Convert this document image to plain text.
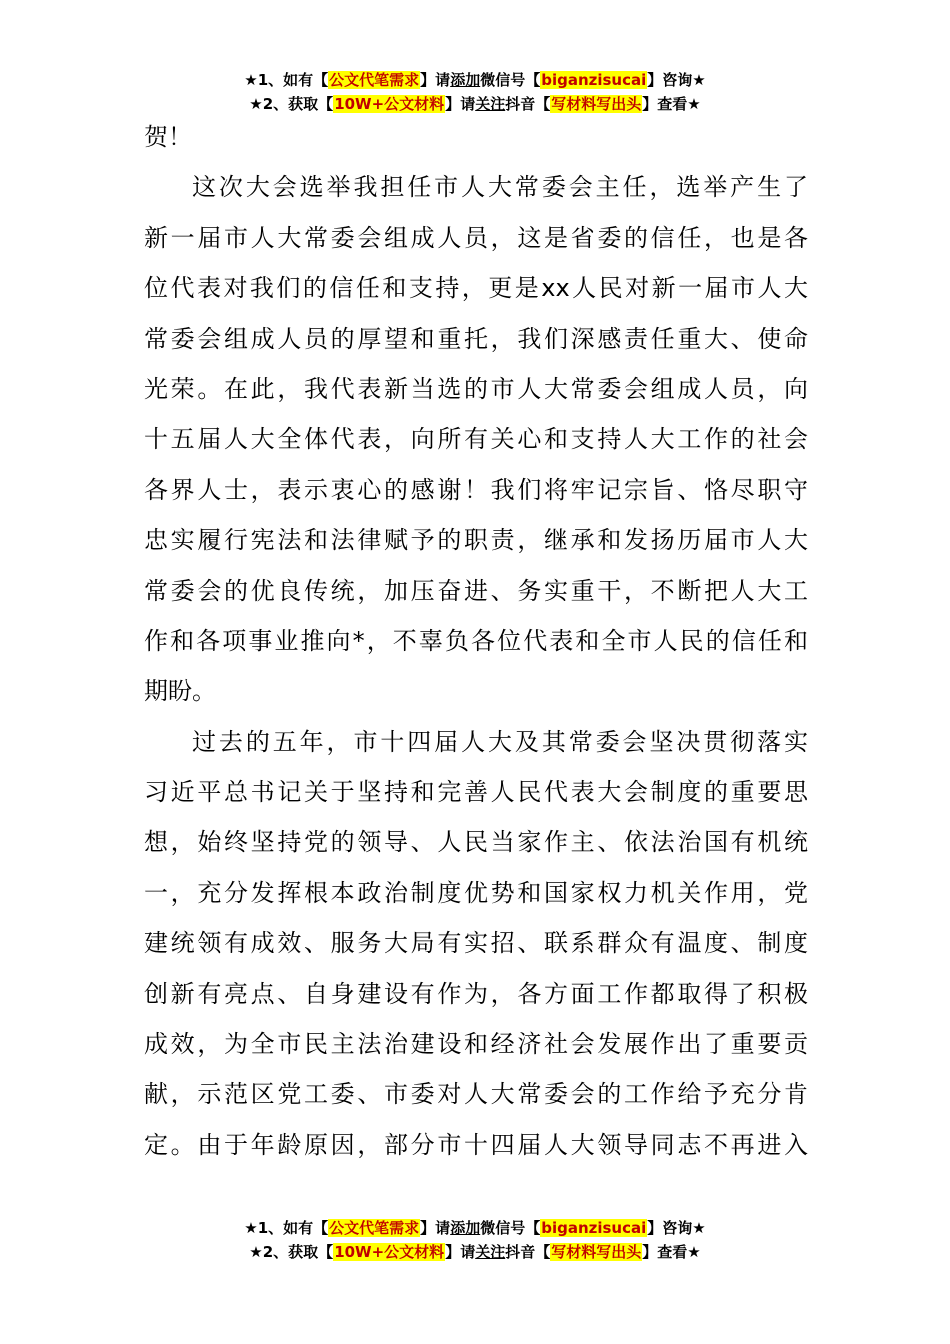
★1、如有【公文代笔需求】请添加微信号【biganzisucai】咨询★
★2、获取【10W+公文材料】请关注抖音【写材料写出头】查看★
贺！
这次大会选举我担任市人大常委会主任，选举产生了
新一届市人大常委会组成人员，这是省委的信任，也是各
位代表对我们的信任和支持，更是xx人民对新一届市人大
常委会组成人员的厚望和重托，我们深感责任重大、使命
光荣。在此，我代表新当选的市人大常委会组成人员，向
十五届人大全体代表，向所有关心和支持人大工作的社会
各界人士，表示衷心的感谢！我们将牢记宗旨、恪尽职守
忠实履行宪法和法律赋予的职责，继承和发扬历届市人大
常委会的优良传统，加压奋进、务实重干，不断把人大工
作和各项事业推向*，不辜负各位代表和全市人民的信任和
期盼。
过去的五年，市十四届人大及其常委会坚决贯彻落实
习近平总书记关于坚持和完善人民代表大会制度的重要思
想，始终坚持党的领导、人民当家作主、依法治国有机统
一，充分发挥根本政治制度优势和国家权力机关作用，党
建统领有成效、服务大局有实招、联系群众有温度、制度
创新有亮点、自身建设有作为，各方面工作都取得了积极
成效，为全市民主法治建设和经济社会发展作出了重要贡
献，示范区党工委、市委对人大常委会的工作给予充分肯
定。由于年龄原因，部分市十四届人大领导同志不再进入
★1、如有【公文代笔需求】请添加微信号【biganzisucai】咨询★
★2、获取【10W+公文材料】请关注抖音【写材料写出头】查看★
